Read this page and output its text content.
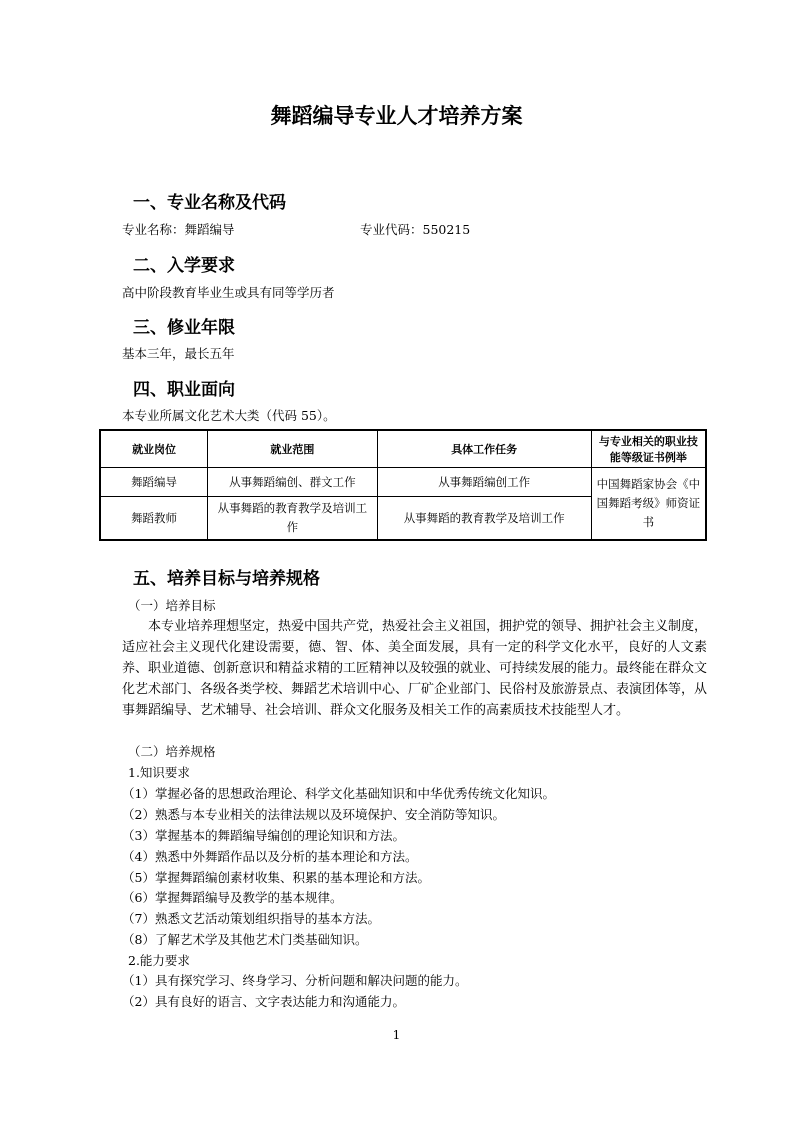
舞蹈编导专业人才培养方案
一、专业名称及代码
专业名称：舞蹈编导	专业代码：550215
二、入学要求
高中阶段教育毕业生或具有同等学历者
三、修业年限
基本三年，最长五年
四、职业面向
本专业所属文化艺术大类（代码 55）。
就业岗位	就业范围	具体工作任务	与专业相关的职业技能等级证书例举
舞蹈编导	从事舞蹈编创、群文工作	从事舞蹈编创工作	中国舞蹈家协会《中国舞蹈考级》师资证书
舞蹈教师	从事舞蹈的教育教学及培训工作	从事舞蹈的教育教学及培训工作	
五、培养目标与培养规格
（一）培养目标
本专业培养理想坚定，热爱中国共产党，热爱社会主义祖国，拥护党的领导、拥护社会主义制度，适应社会主义现代化建设需要，德、智、体、美全面发展，具有一定的科学文化水平，良好的人文素养、职业道德、创新意识和精益求精的工匠精神以及较强的就业、可持续发展的能力。最终能在群众文化艺术部门、各级各类学校、舞蹈艺术培训中心、厂矿企业部门、民俗村及旅游景点、表演团体等，从事舞蹈编导、艺术辅导、社会培训、群众文化服务及相关工作的高素质技术技能型人才。
（二）培养规格
1.知识要求
（1）掌握必备的思想政治理论、科学文化基础知识和中华优秀传统文化知识。
（2）熟悉与本专业相关的法律法规以及环境保护、安全消防等知识。
（3）掌握基本的舞蹈编导编创的理论知识和方法。
（4）熟悉中外舞蹈作品以及分析的基本理论和方法。
（5）掌握舞蹈编创素材收集、积累的基本理论和方法。
（6）掌握舞蹈编导及教学的基本规律。
（7）熟悉文艺活动策划组织指导的基本方法。
（8）了解艺术学及其他艺术门类基础知识。
2.能力要求
（1）具有探究学习、终身学习、分析问题和解决问题的能力。
（2）具有良好的语言、文字表达能力和沟通能力。
1
